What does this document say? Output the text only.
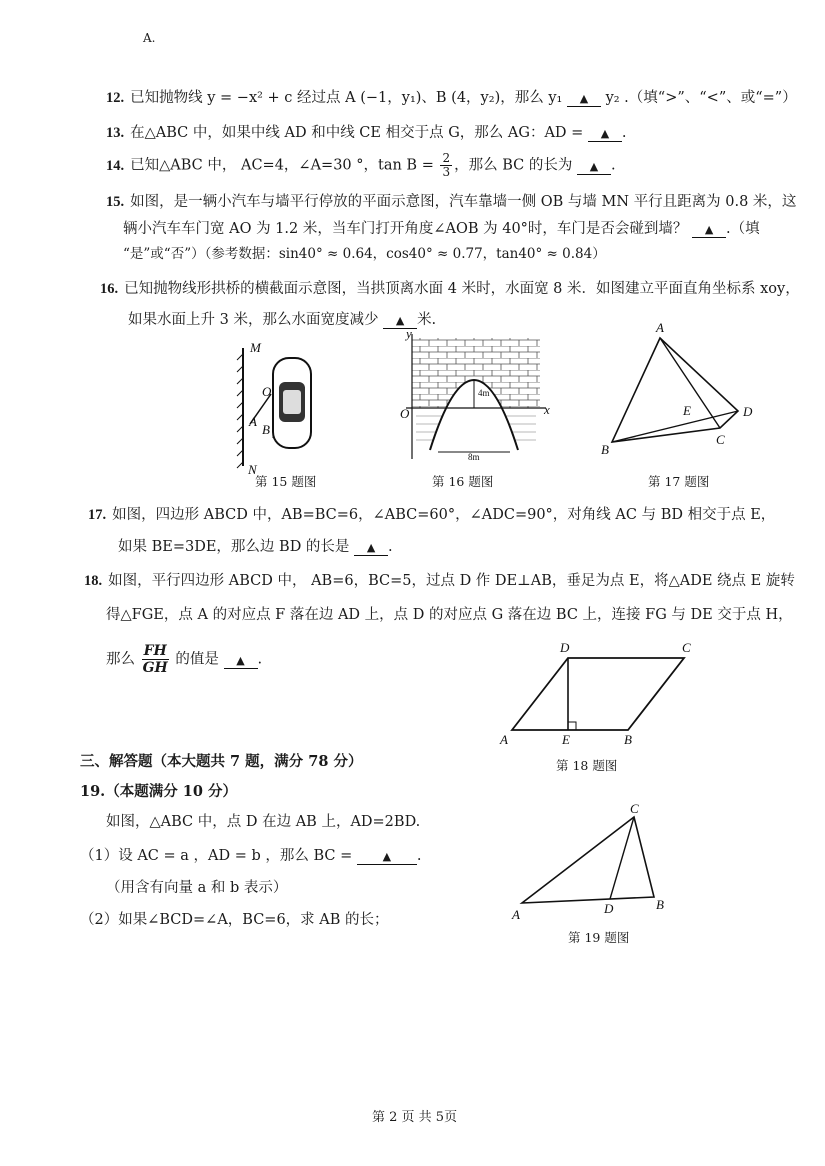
A.
12. 已知抛物线 y = −x² + c 经过点 A (−1，y₁)、B (4，y₂)，那么 y₁ ▲ y₂ .（填“>”、“<”、或“=”）
13. 在△ABC 中，如果中线 AD 和中线 CE 相交于点 G，那么 AG：AD = ▲ .
14. 已知△ABC 中， AC=4，∠A=30 °，$\tan B = \frac{2}{3}$ ，那么 BC 的长为 ▲ .
15. 如图，是一辆小汽车与墙平行停放的平面示意图，汽车靠墙一侧 OB 与墙 MN 平行且距离为 0.8 米，这
辆小汽车车门宽 AO 为 1.2 米，当车门打开角度∠AOB 为 40°时，车门是否会碰到墙？ ▲ .（填
“是”或“否”）（参考数据：sin40° ≈ 0.64，cos40° ≈ 0.77，tan40° ≈ 0.84）
16. 已知抛物线形拱桥的横截面示意图，当拱顶离水面 4 米时，水面宽 8 米．如图建立平面直角坐标系 xoy，
如果水面上升 3 米，那么水面宽度减少 ▲ 米.
M
O
A
B
N
第 15 题图
y
O	x
4m
8m
第 16 题图
A
B
C
D
E
第 17 题图
17. 如图，四边形 ABCD 中，AB=BC=6，∠ABC=60°，∠ADC=90°，对角线 AC 与 BD 相交于点 E，
如果 BE=3DE，那么边 BD 的长是 ▲ .
18. 如图，平行四边形 ABCD 中， AB=6，BC=5，过点 D 作 DE⊥AB，垂足为点 E，将△ADE 绕点 E 旋转
得△FGE，点 A 的对应点 F 落在边 AD 上，点 D 的对应点 G 落在边 BC 上，连接 FG 与 DE 交于点 H，
那么 $\frac{FH}{GH}$ 的值是 ▲ .
D	C
A	E	B
第 18 题图
三、解答题（本大题共 7 题，满分 78 分）
19.（本题满分 10 分）
如图，△ABC 中，点 D 在边 AB 上，AD=2BD.
（1）设 AC = a ，AD = b ，那么 BC =	▲ .
（用含有向量 a 和 b 表示）
（2）如果∠BCD=∠A，BC=6，求 AB 的长；
C
A	D	B
第 19 题图
第 2 页 共 5页
